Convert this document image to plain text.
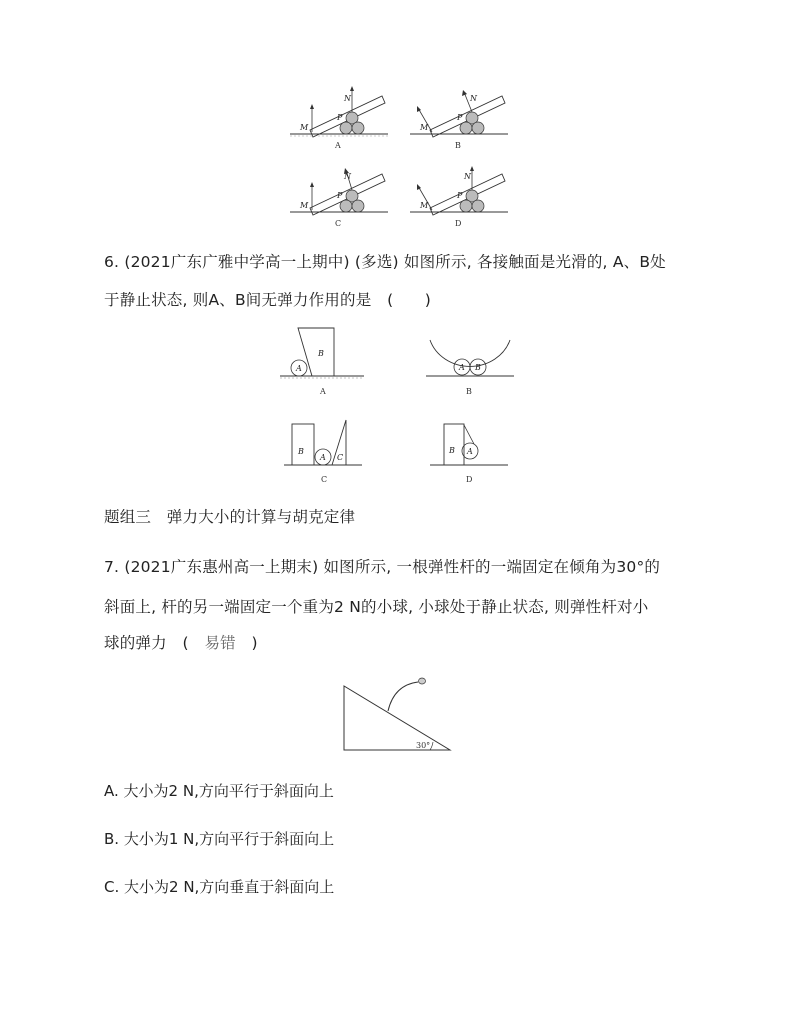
M
N
P
A
M
N
P
B
M
N
P
C
M
N
P
D
6. (2021广东广雅中学高一上期中) (多选) 如图所示, 各接触面是光滑的, A、B处
于静止状态, 则A、B间无弹力作用的是　(　　)
A
B
A
A B
B
B
A C
C
B A
D
题组三　弹力大小的计算与胡克定律
7. (2021广东惠州高一上期末) 如图所示, 一根弹性杆的一端固定在倾角为30°的
斜面上, 杆的另一端固定一个重为2 N的小球, 小球处于静止状态, 则弹性杆对小
球的弹力　(　易错　)
30°
A. 大小为2 N,方向平行于斜面向上
B. 大小为1 N,方向平行于斜面向上
C. 大小为2 N,方向垂直于斜面向上
